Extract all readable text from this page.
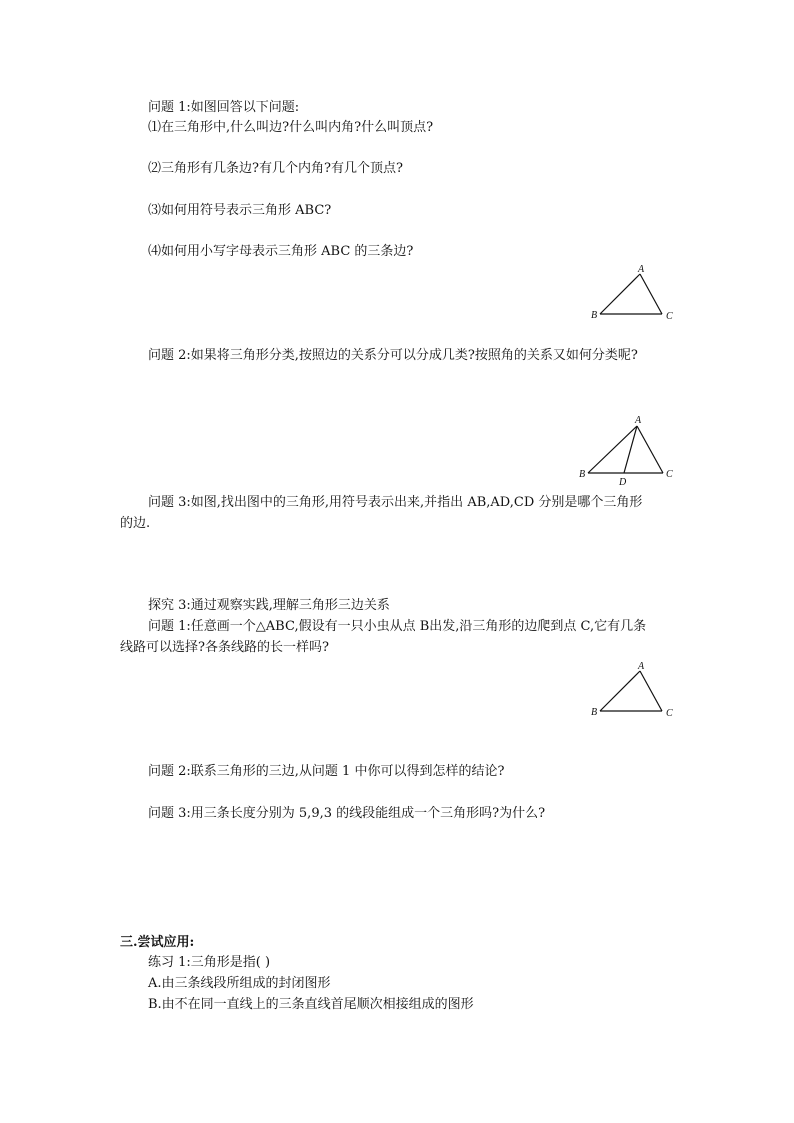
问题 1:如图回答以下问题:
⑴在三角形中,什么叫边?什么叫内角?什么叫顶点?
⑵三角形有几条边?有几个内角?有几个顶点?
⑶如何用符号表示三角形 ABC?
⑷如何用小写字母表示三角形 ABC 的三条边?
A
B	C
问题 2:如果将三角形分类,按照边的关系分可以分成几类?按照角的关系又如何分类呢?
A
B	C
D
问题 3:如图,找出图中的三角形,用符号表示出来,并指出 AB,AD,CD 分别是哪个三角形
的边.
探究 3:通过观察实践,理解三角形三边关系
问题 1:任意画一个△ABC,假设有一只小虫从点 B出发,沿三角形的边爬到点 C,它有几条
线路可以选择?各条线路的长一样吗?
A
B	C
问题 2:联系三角形的三边,从问题 1 中你可以得到怎样的结论?
问题 3:用三条长度分别为 5,9,3 的线段能组成一个三角形吗?为什么?
三.尝试应用:
练习 1:三角形是指( )
A.由三条线段所组成的封闭图形
B.由不在同一直线上的三条直线首尾顺次相接组成的图形
